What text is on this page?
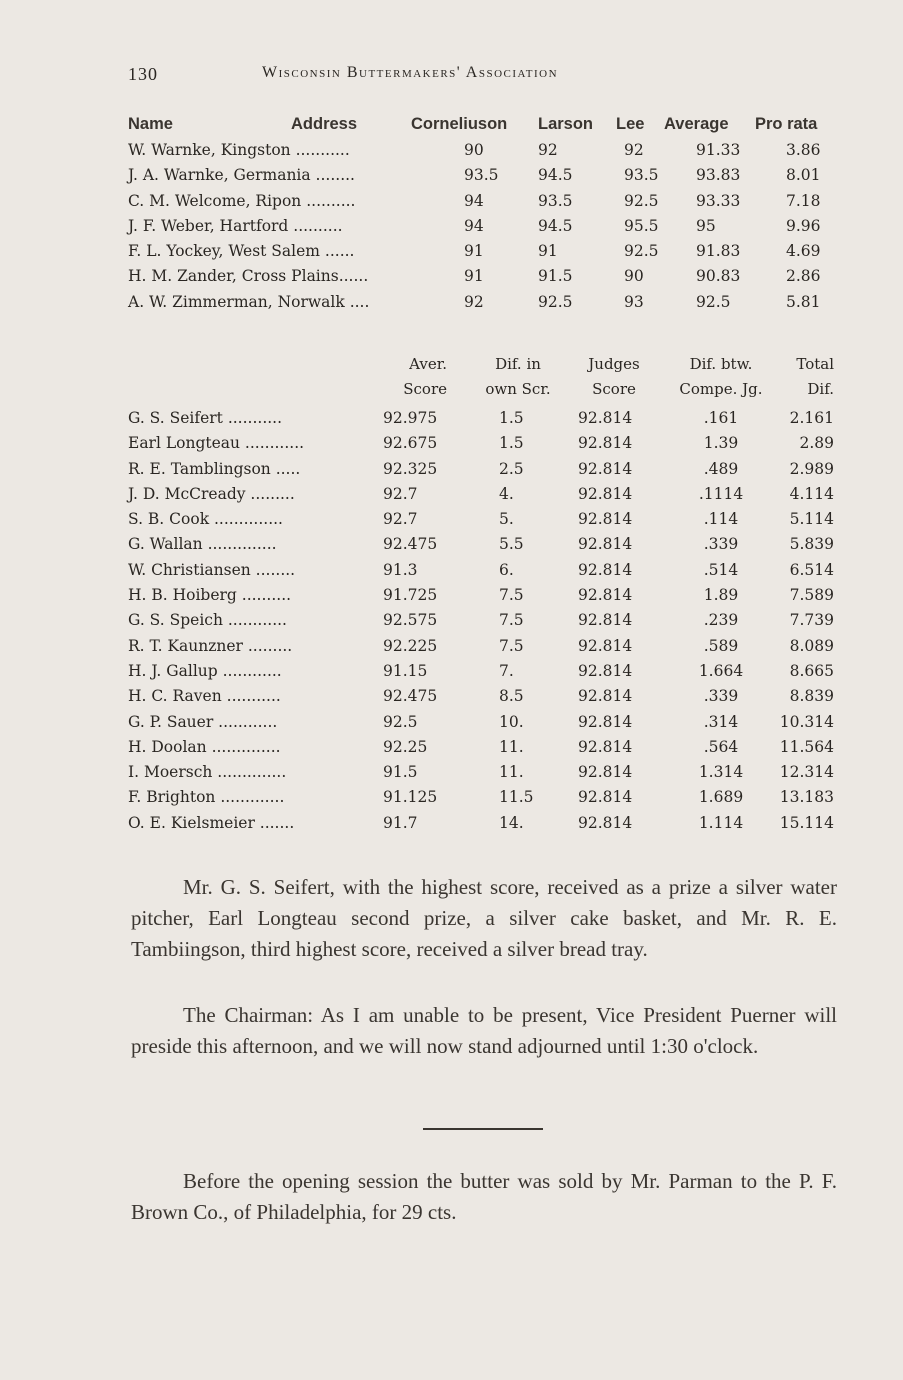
130	Wisconsin Buttermakers' Association
Name	Address	Corneliuson Larson Lee Average Pro rata
W. Warnke, Kingston ...........	90	92	92	91.33	3.86
J. A. Warnke, Germania ........	93.5	94.5	93.5 93.83	8.01
C. M. Welcome, Ripon ..........	94	93.5	92.5 93.33	7.18
J. F. Weber, Hartford ..........	94	94.5	95.5 95	9.96
F. L. Yockey, West Salem ......	91	91	92.5 91.83	4.69
H. M. Zander, Cross Plains......	91	91.5	90	90.83	2.86
A. W. Zimmerman, Norwalk ....	92	92.5	93	92.5	5.81
Aver.	Dif. in	Judges	Dif. btw.	Total
Score	own Scr.	Score	Compe. Jg.	Dif.
G. S. Seifert ...........	92.975	1.5	92.814	.161	2.161
Earl Longteau ............	92.675	1.5	92.814	1.39	2.89
R. E. Tamblingson .....	92.325	2.5	92.814	.489	2.989
J. D. McCready .........	92.7	4.	92.814	.1114	4.114
S. B. Cook ..............	92.7	5.	92.814	.114	5.114
G. Wallan ..............	92.475	5.5	92.814	.339	5.839
W. Christiansen ........	91.3	6.	92.814	.514	6.514
H. B. Hoiberg ..........	91.725	7.5	92.814	1.89	7.589
G. S. Speich ............	92.575	7.5	92.814	.239	7.739
R. T. Kaunzner .........	92.225	7.5	92.814	.589	8.089
H. J. Gallup ............	91.15	7.	92.814	1.664	8.665
H. C. Raven ...........	92.475	8.5	92.814	.339	8.839
G. P. Sauer ............	92.5	10.	92.814	.314	10.314
H. Doolan ..............	92.25	11.	92.814	.564	11.564
I. Moersch ..............	91.5	11.	92.814	1.314	12.314
F. Brighton .............	91.125	11.5	92.814	1.689	13.183
O. E. Kielsmeier .......	91.7	14.	92.814	1.114	15.114
Mr. G. S. Seifert, with the highest score, received as a prize a silver water pitcher, Earl Longteau second prize, a silver cake basket, and Mr. R. E. Tambiingson, third highest score, received a silver bread tray.
The Chairman: As I am unable to be present, Vice President Puerner will preside this afternoon, and we will now stand adjourned until 1:30 o'clock.
Before the opening session the butter was sold by Mr. Parman to the P. F. Brown Co., of Philadelphia, for 29 cts.
